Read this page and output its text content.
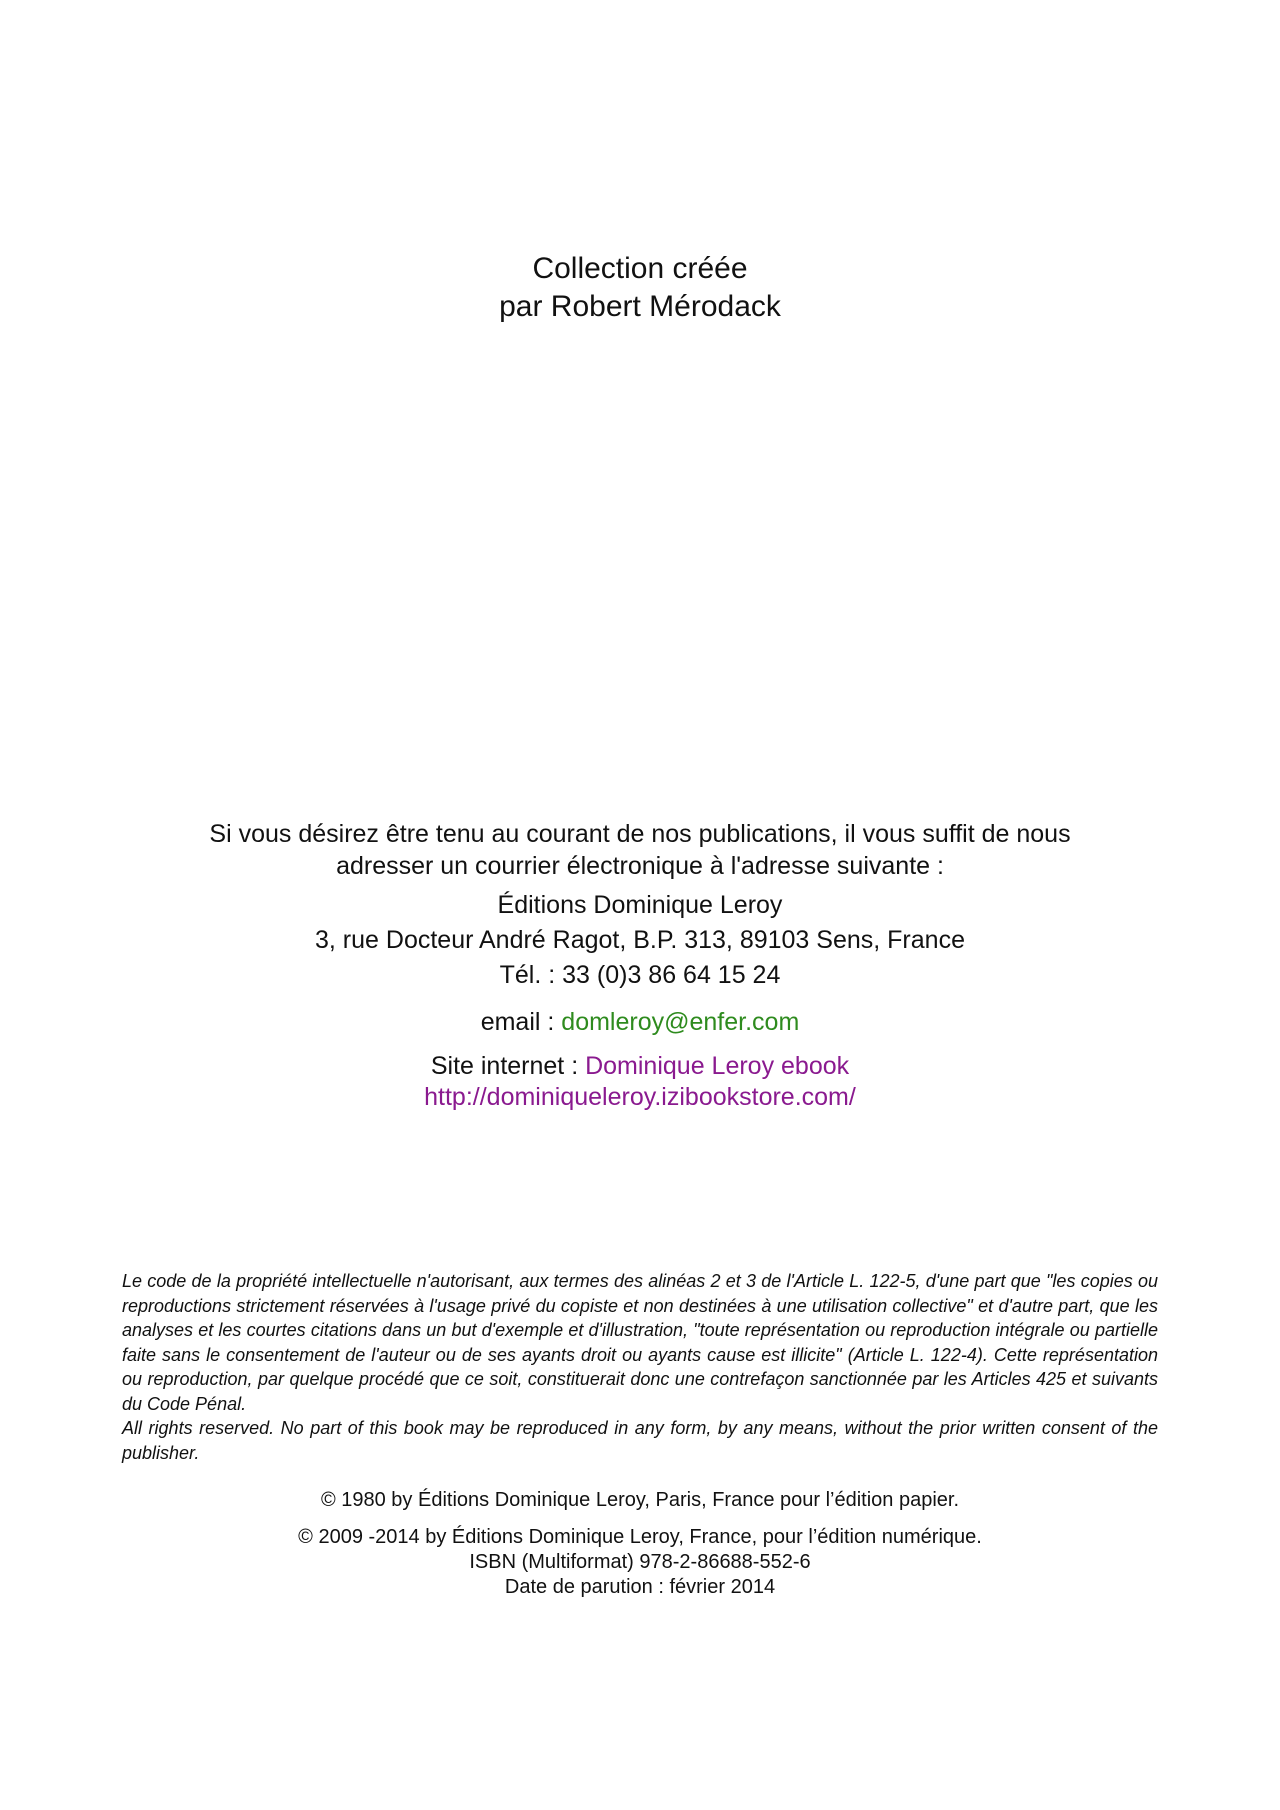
Collection créée
par Robert Mérodack
Si vous désirez être tenu au courant de nos publications, il vous suffit de nous
adresser un courrier électronique à l'adresse suivante :
Éditions Dominique Leroy
3, rue Docteur André Ragot, B.P. 313, 89103 Sens, France
Tél. : 33 (0)3 86 64 15 24
email : domleroy@enfer.com
Site internet : Dominique Leroy ebook
http://dominiqueleroy.izibookstore.com/

Le code de la propriété intellectuelle n'autorisant, aux termes des alinéas 2 et 3 de l'Article L. 122-5, d'une part que "les copies ou reproductions strictement réservées à l'usage privé du copiste et non destinées à une utilisation collective" et d'autre part, que les analyses et les courtes citations dans un but d'exemple et d'illustration, "toute représentation ou reproduction intégrale ou partielle faite sans le consentement de l'auteur ou de ses ayants droit ou ayants cause est illicite" (Article L. 122-4). Cette représentation ou reproduction, par quelque procédé que ce soit, constituerait donc une contrefaçon sanctionnée par les Articles 425 et suivants du Code Pénal.

All rights reserved. No part of this book may be reproduced in any form, by any means, without the prior written consent of the publisher.

© 1980 by Éditions Dominique Leroy, Paris, France pour l’édition papier.
© 2009 -2014 by Éditions Dominique Leroy, France, pour l’édition numérique.
ISBN (Multiformat) 978-2-86688-552-6
Date de parution : février 2014
